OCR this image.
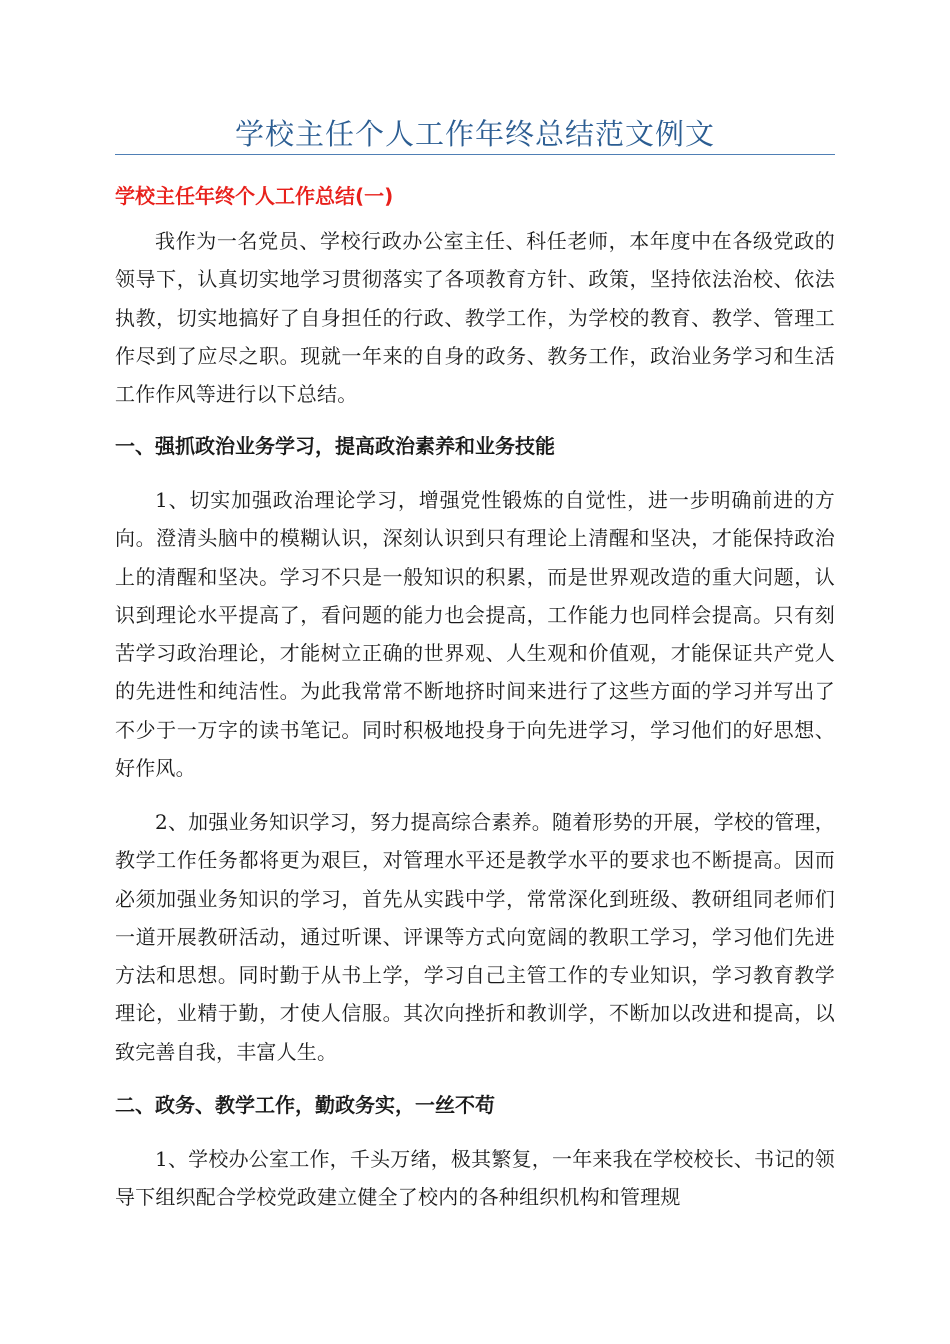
学校主任个人工作年终总结范文例文
学校主任年终个人工作总结(一)

我作为一名党员、学校行政办公室主任、科任老师，本年度中在各级党政的领导下，认真切实地学习贯彻落实了各项教育方针、政策，坚持依法治校、依法执教，切实地搞好了自身担任的行政、教学工作，为学校的教育、教学、管理工作尽到了应尽之职。现就一年来的自身的政务、教务工作，政治业务学习和生活工作作风等进行以下总结。

一、强抓政治业务学习，提高政治素养和业务技能

1、切实加强政治理论学习，增强党性锻炼的自觉性，进一步明确前进的方向。澄清头脑中的模糊认识，深刻认识到只有理论上清醒和坚决，才能保持政治上的清醒和坚决。学习不只是一般知识的积累，而是世界观改造的重大问题，认识到理论水平提高了，看问题的能力也会提高，工作能力也同样会提高。只有刻苦学习政治理论，才能树立正确的世界观、人生观和价值观，才能保证共产党人的先进性和纯洁性。为此我常常不断地挤时间来进行了这些方面的学习并写出了不少于一万字的读书笔记。同时积极地投身于向先进学习，学习他们的好思想、好作风。

2、加强业务知识学习，努力提高综合素养。随着形势的开展，学校的管理，教学工作任务都将更为艰巨，对管理水平还是教学水平的要求也不断提高。因而必须加强业务知识的学习，首先从实践中学，常常深化到班级、教研组同老师们一道开展教研活动，通过听课、评课等方式向宽阔的教职工学习，学习他们先进方法和思想。同时勤于从书上学，学习自己主管工作的专业知识，学习教育教学理论，业精于勤，才使人信服。其次向挫折和教训学，不断加以改进和提高，以致完善自我，丰富人生。

二、政务、教学工作，勤政务实，一丝不苟

1、学校办公室工作，千头万绪，极其繁复，一年来我在学校校长、书记的领导下组织配合学校党政建立健全了校内的各种组织机构和管理规
